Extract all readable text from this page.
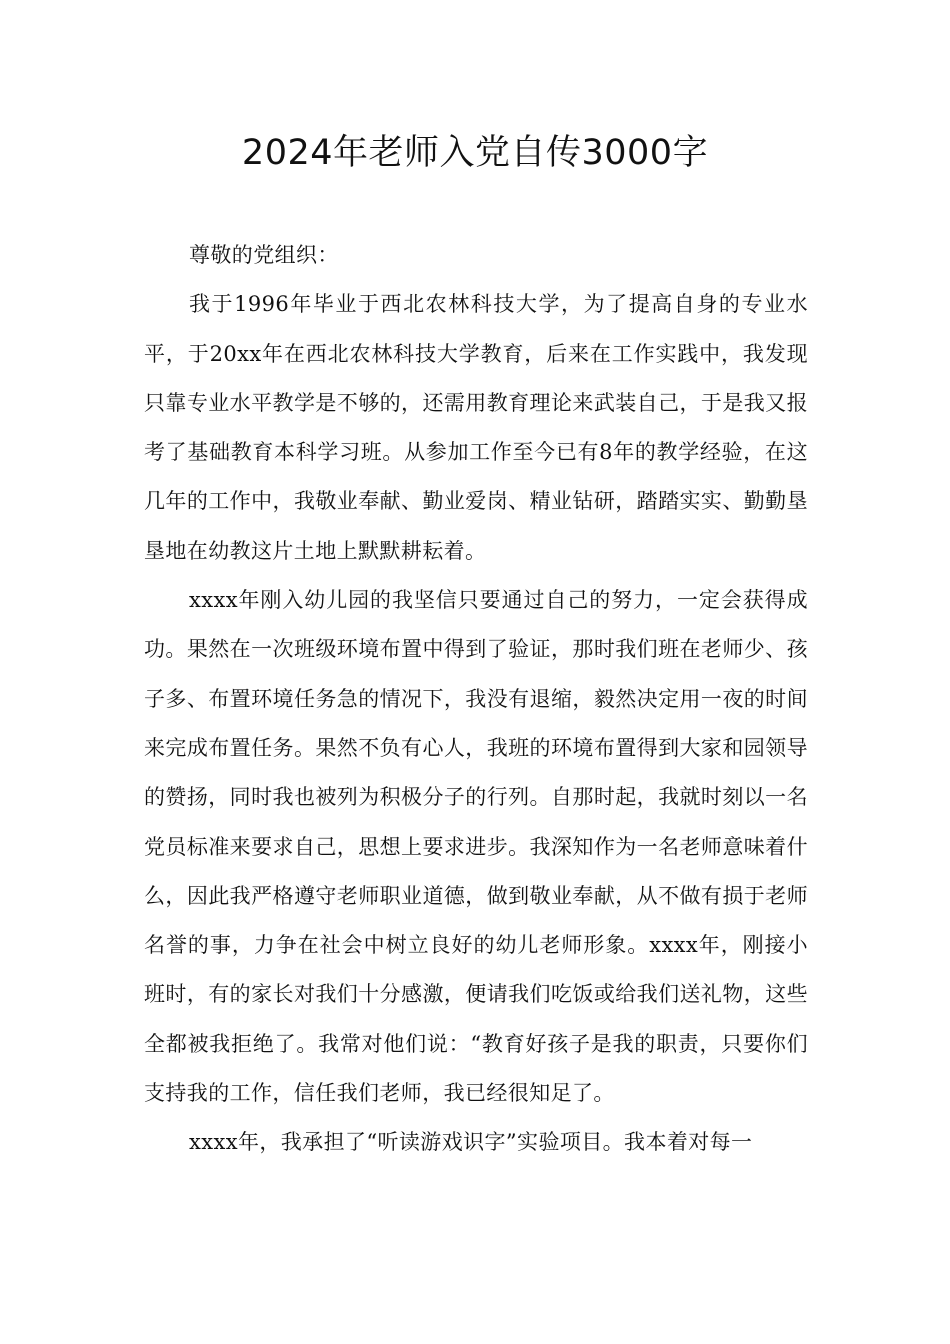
2024年老师入党自传3000字

尊敬的党组织：

我于1996年毕业于西北农林科技大学，为了提高自身的专业水平，于20xx年在西北农林科技大学教育，后来在工作实践中，我发现只靠专业水平教学是不够的，还需用教育理论来武装自己，于是我又报考了基础教育本科学习班。从参加工作至今已有8年的教学经验，在这几年的工作中，我敬业奉献、勤业爱岗、精业钻研，踏踏实实、勤勤垦垦地在幼教这片土地上默默耕耘着。

xxxx年刚入幼儿园的我坚信只要通过自己的努力，一定会获得成功。果然在一次班级环境布置中得到了验证，那时我们班在老师少、孩子多、布置环境任务急的情况下，我没有退缩，毅然决定用一夜的时间来完成布置任务。果然不负有心人，我班的环境布置得到大家和园领导的赞扬，同时我也被列为积极分子的行列。自那时起，我就时刻以一名党员标准来要求自己，思想上要求进步。我深知作为一名老师意味着什么，因此我严格遵守老师职业道德，做到敬业奉献，从不做有损于老师名誉的事，力争在社会中树立良好的幼儿老师形象。xxxx年，刚接小班时，有的家长对我们十分感激，便请我们吃饭或给我们送礼物，这些全都被我拒绝了。我常对他们说：“教育好孩子是我的职责，只要你们支持我的工作，信任我们老师，我已经很知足了。

xxxx年，我承担了“听读游戏识字”实验项目。我本着对每一
